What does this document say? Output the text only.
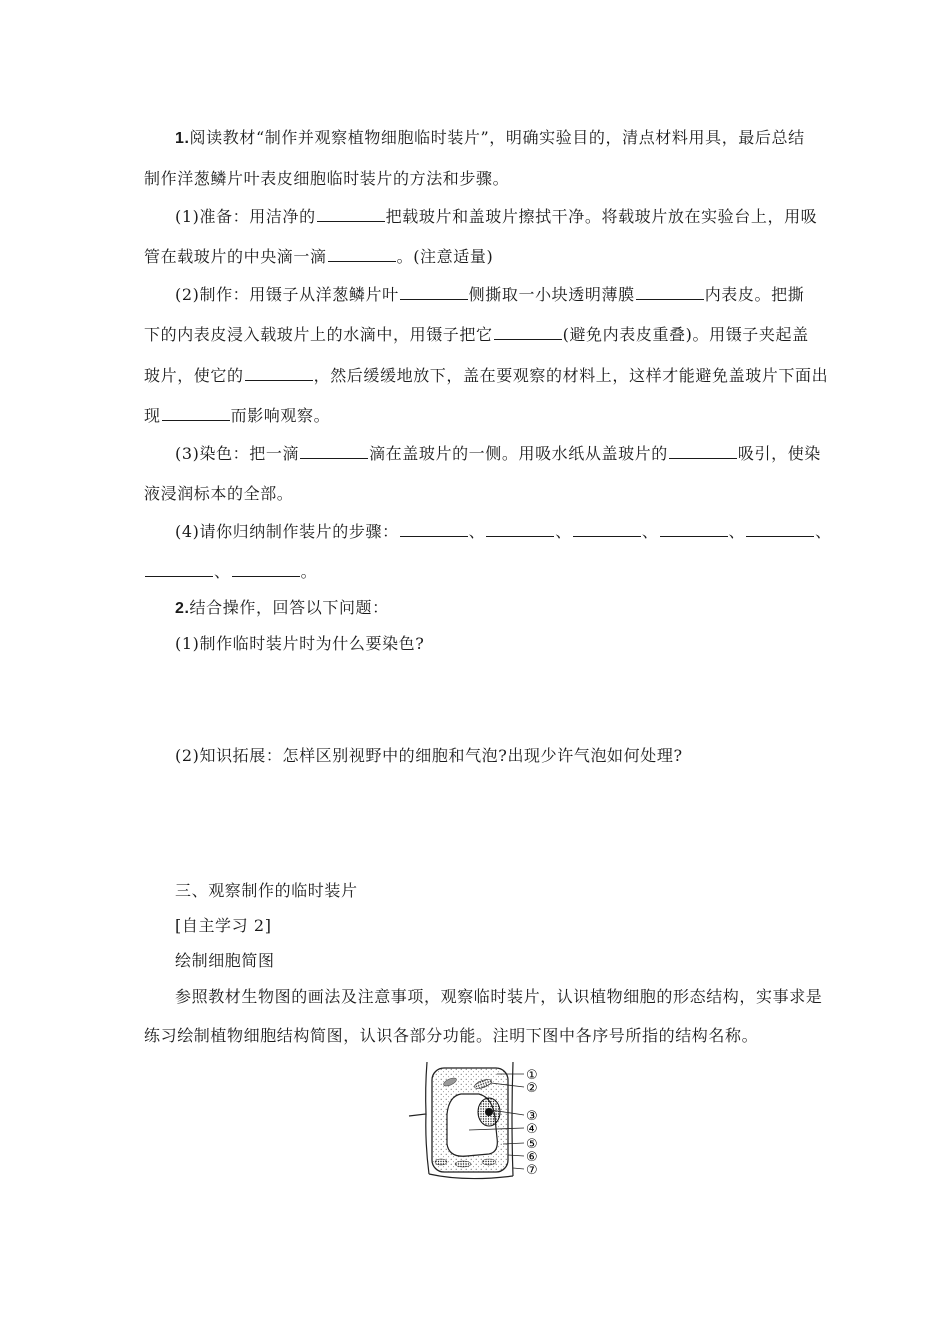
1.阅读教材“制作并观察植物细胞临时装片”，明确实验目的，清点材料用具，最后总结
制作洋葱鳞片叶表皮细胞临时装片的方法和步骤。
(1)准备：用洁净的	把载玻片和盖玻片擦拭干净。将载玻片放在实验台上，用吸
管在载玻片的中央滴一滴	。(注意适量)
(2)制作：用镊子从洋葱鳞片叶	侧撕取一小块透明薄膜	内表皮。把撕
下的内表皮浸入载玻片上的水滴中，用镊子把它	(避免内表皮重叠)。用镊子夹起盖
玻片，使它的	，然后缓缓地放下，盖在要观察的材料上，这样才能避免盖玻片下面出
现	而影响观察。
(3)染色：把一滴	滴在盖玻片的一侧。用吸水纸从盖玻片的	吸引，使染
液浸润标本的全部。
(4)请你归纳制作装片的步骤：	、	、	、	、	、
、	。
2.结合操作，回答以下问题：
(1)制作临时装片时为什么要染色?
(2)知识拓展：怎样区别视野中的细胞和气泡?出现少许气泡如何处理?
三、观察制作的临时装片
[自主学习 2]
绘制细胞简图
参照教材生物图的画法及注意事项，观察临时装片，认识植物细胞的形态结构，实事求是
练习绘制植物细胞结构简图，认识各部分功能。注明下图中各序号所指的结构名称。
①
②
③
④
⑤
⑥
⑦
